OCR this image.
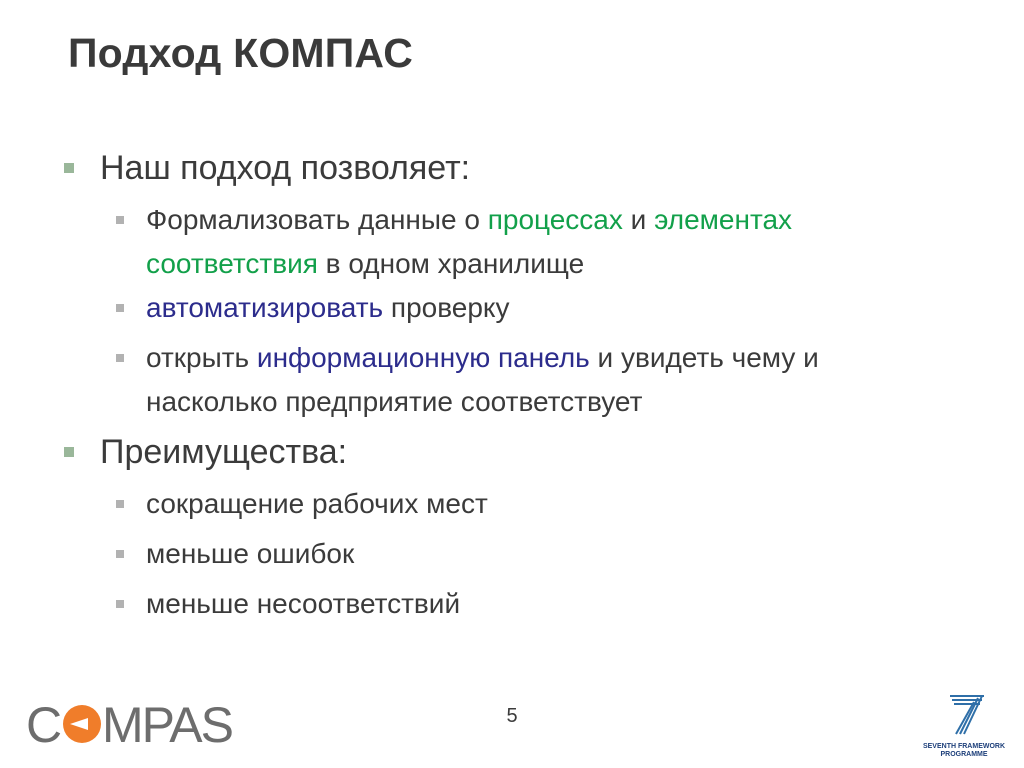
Подход КОМПАС
Наш подход позволяет:
Формализовать данные о процессах и элементах соответствия в одном хранилище
автоматизировать проверку
открыть информационную панель и увидеть чему и насколько предприятие соответствует
Преимущества:
сокращение рабочих мест
меньше ошибок
меньше несоответствий
5
C MPAS	SEVENTH FRAMEWORK
PROGRAMME
